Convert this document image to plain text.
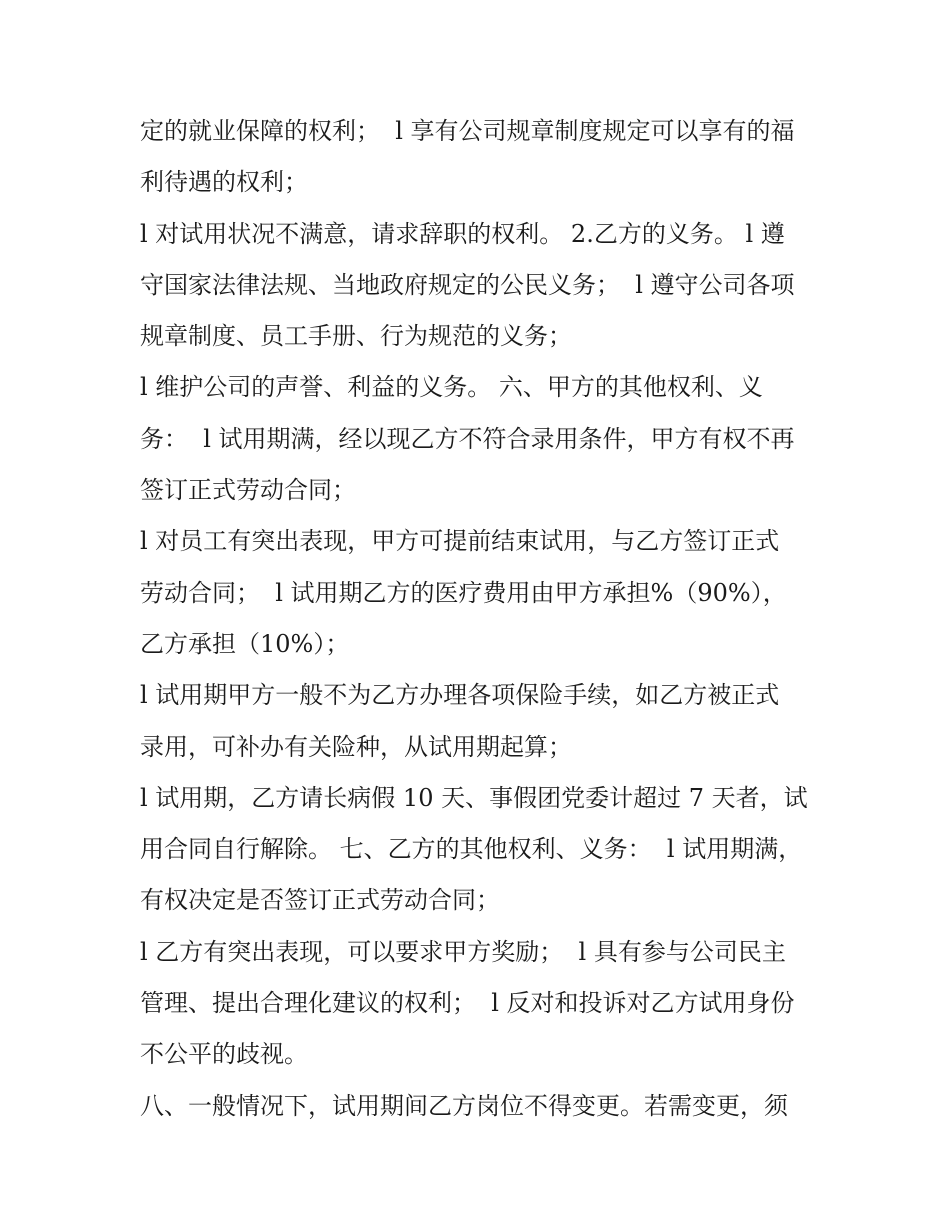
定的就业保障的权利；  l 享有公司规章制度规定可以享有的福
利待遇的权利；

l 对试用状况不满意，请求辞职的权利。 2.乙方的义务。 l 遵
守国家法律法规、当地政府规定的公民义务；  l 遵守公司各项
规章制度、员工手册、行为规范的义务；

l 维护公司的声誉、利益的义务。 六、甲方的其他权利、义
务：  l 试用期满，经以现乙方不符合录用条件，甲方有权不再
签订正式劳动合同；

l 对员工有突出表现，甲方可提前结束试用，与乙方签订正式
劳动合同；  l 试用期乙方的医疗费用由甲方承担%（90%），
乙方承担（10%）；

l 试用期甲方一般不为乙方办理各项保险手续，如乙方被正式
录用，可补办有关险种，从试用期起算；

l 试用期，乙方请长病假 10 天、事假团党委计超过 7 天者，试
用合同自行解除。 七、乙方的其他权利、义务：  l 试用期满，
有权决定是否签订正式劳动合同；

l 乙方有突出表现，可以要求甲方奖励；  l 具有参与公司民主
管理、提出合理化建议的权利；  l 反对和投诉对乙方试用身份
不公平的歧视。

八、一般情况下，试用期间乙方岗位不得变更。若需变更，须
